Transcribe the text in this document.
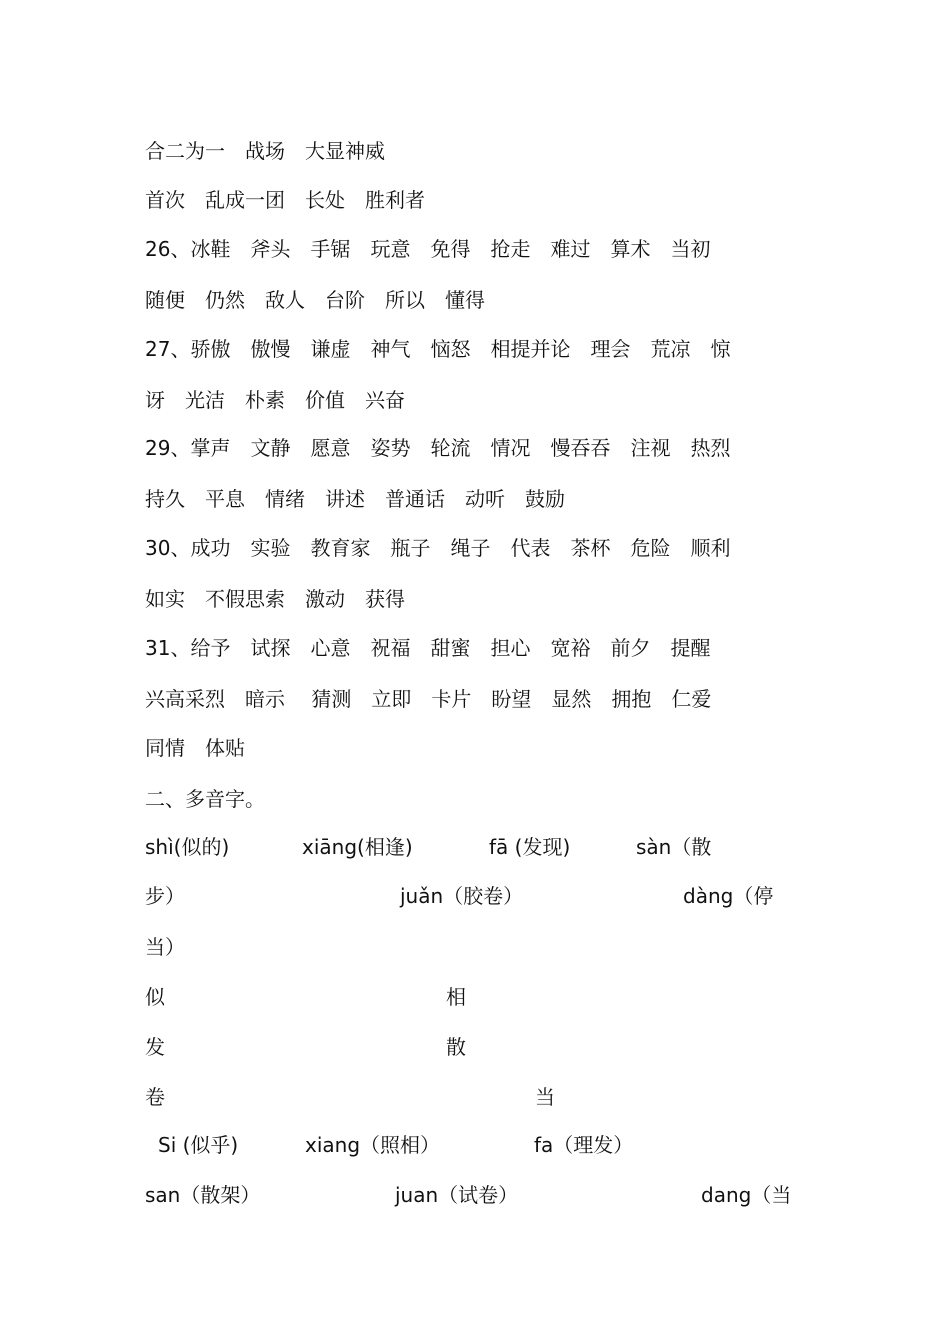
合二为一　战场　大显神威
首次　乱成一团　长处　胜利者
26、冰鞋　斧头　手锯　玩意　免得　抢走　难过　算术　当初
随便　仍然　敌人　台阶　所以　懂得
27、骄傲　傲慢　谦虚　神气　恼怒　相提并论　理会　荒凉　惊
讶　光洁　朴素　价值　兴奋
29、掌声　文静　愿意　姿势　轮流　情况　慢吞吞　注视　热烈
持久　平息　情绪　讲述　普通话　动听　鼓励
30、成功　实验　教育家　瓶子　绳子　代表　茶杯　危险　顺利
如实　不假思索　激动　获得
31、给予　试探　心意　祝福　甜蜜　担心　宽裕　前夕　提醒
兴高采烈　暗示　 猜测　立即　卡片　盼望　显然　拥抱　仁爱
同情　体贴
二、多音字。
shì(似的)	xiāng(相逢)	fā (发现)	sàn（散
步）	juǎn（胶卷）	dàng（停
当）
似	相
发	散
卷	当
Si (似乎)	xiang（照相）	fa（理发）
san（散架）	juan（试卷）	dang（当
